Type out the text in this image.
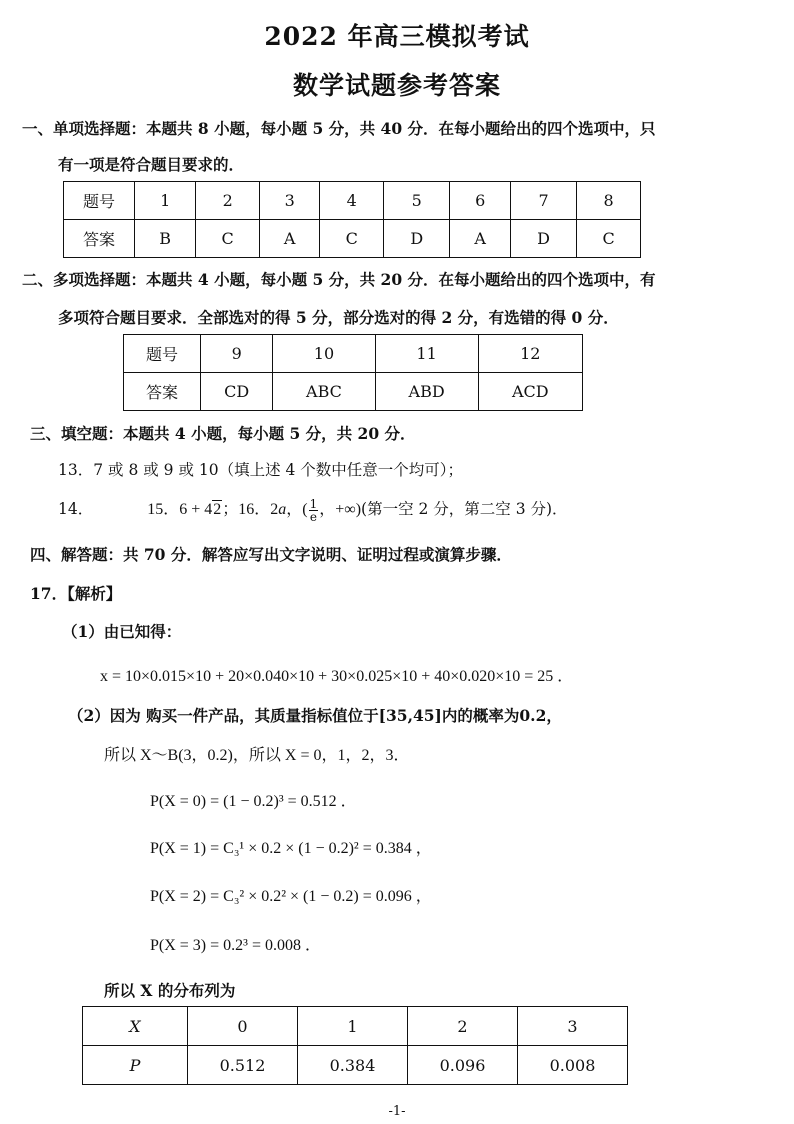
2022 年高三模拟考试
数学试题参考答案
一、单项选择题：本题共 8 小题，每小题 5 分，共 40 分．在每小题给出的四个选项中，只
有一项是符合题目要求的．
题号	1	2	3	4	5	6	7	8
答案	B	C	A	C	D	A	D	C
二、多项选择题：本题共 4 小题，每小题 5 分，共 20 分．在每小题给出的四个选项中，有
多项符合题目要求．全部选对的得 5 分，部分选对的得 2 分，有选错的得 0 分．
题号	9	10	11	12
答案	CD	ABC	ABD	ACD
三、填空题：本题共 4 小题，每小题 5 分，共 20 分．
13．7 或 8 或 9 或 10（填上述 4 个数中任意一个均可）；
14．	15．6 + 42；16．2a，( $\frac{1}{e}$ ，+∞)(第一空 2 分，第二空 3 分)．
四、解答题：共 70 分．解答应写出文字说明、证明过程或演算步骤．
17．【解析】
（1）由已知得：
x = 10×0.015×10 + 20×0.040×10 + 30×0.025×10 + 40×0.020×10 = 25 ．
（2）因为 购买一件产品，其质量指标值位于[35,45]内的概率为0.2，
所以 X～B(3，0.2)，所以 X = 0，1，2，3．
P(X = 0) = (1 − 0.2)³ = 0.512 ．
P(X = 1) = C₃¹ × 0.2 × (1 − 0.2)² = 0.384 ，
P(X = 2) = C₃² × 0.2² × (1 − 0.2) = 0.096 ，
P(X = 3) = 0.2³ = 0.008 ．
所以 X 的分布列为
X	0	1	2	3
P	0.512	0.384	0.096	0.008
-1-
